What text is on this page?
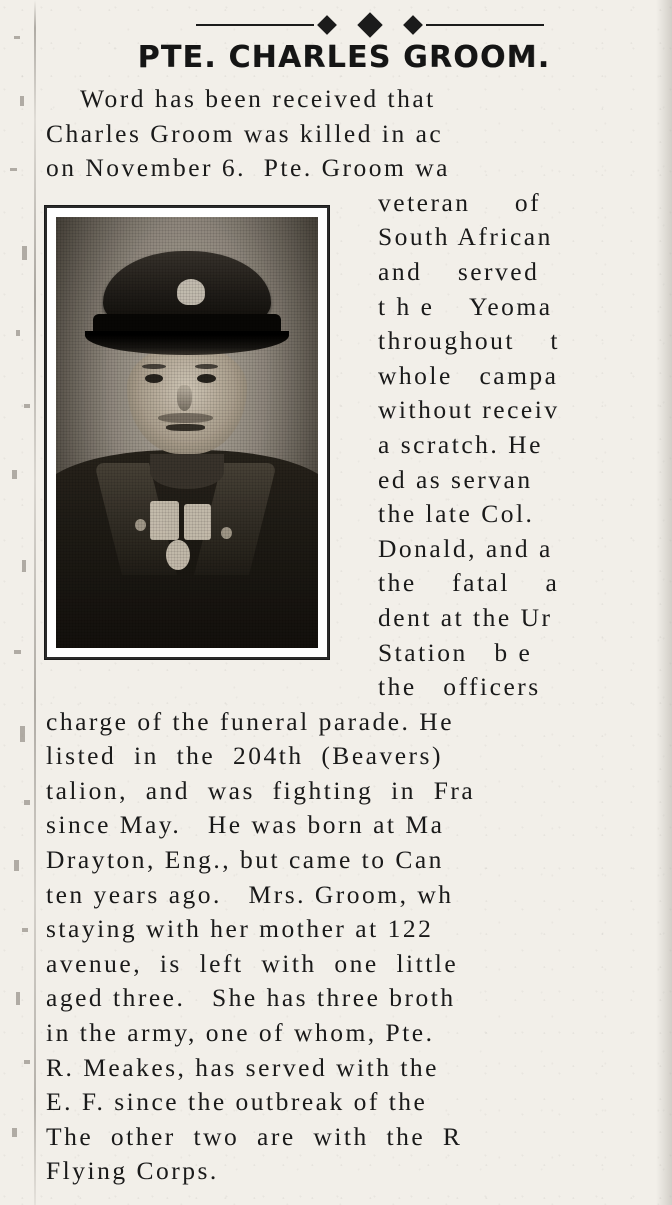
PTE. CHARLES GROOM.
Word has been received that
Charles Groom was killed in ac
on November 6.  Pte. Groom wa
veteran     of
South African
and    served
t h e    Yeoma
throughout    t
whole   campa
without receiv
a scratch. He
ed as servan
the late Col.
Donald, and a
the    fatal    a
dent at the Ur
Station   b e
the   officers
charge of the funeral parade. He
listed  in  the  204th  (Beavers)
talion,  and  was  fighting  in  Fra
since May.   He was born at Ma
Drayton, Eng., but came to Can
ten years ago.   Mrs. Groom, wh
staying with her mother at 122
avenue,  is  left  with  one  little
aged three.   She has three broth
in the army, one of whom, Pte.
R. Meakes, has served with the
E. F. since the outbreak of the
The  other  two  are  with  the  R
Flying Corps.
